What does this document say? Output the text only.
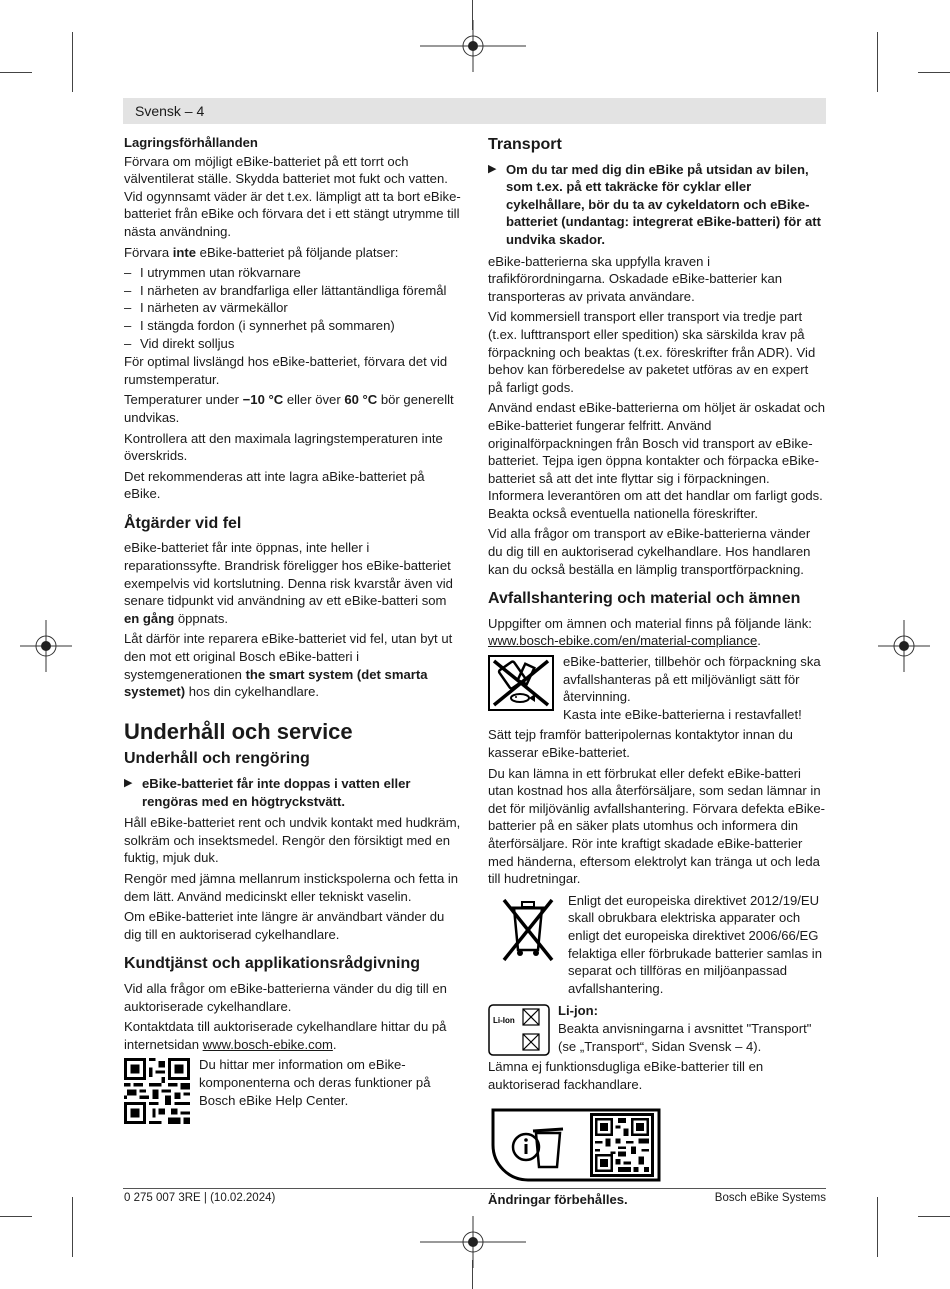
Svensk – 4

Lagringsförhållanden

Förvara om möjligt eBike-batteriet på ett torrt och välventilerat ställe. Skydda batteriet mot fukt och vatten. Vid ogynnsamt väder är det t.ex. lämpligt att ta bort eBike-batteriet från eBike och förvara det i ett stängt utrymme till nästa användning.

Förvara inte eBike-batteriet på följande platser:

– I utrymmen utan rökvarnare
– I närheten av brandfarliga eller lättantändliga föremål
– I närheten av värmekällor
– I stängda fordon (i synnerhet på sommaren)
– Vid direkt solljus

För optimal livslängd hos eBike-batteriet, förvara det vid rumstemperatur.

Temperaturer under −10 °C eller över 60 °C bör generellt undvikas.

Kontrollera att den maximala lagringstemperaturen inte överskrids.

Det rekommenderas att inte lagra aBike-batteriet på eBike.

Åtgärder vid fel

eBike-batteriet får inte öppnas, inte heller i reparationssyfte. Brandrisk föreligger hos eBike-batteriet exempelvis vid kortslutning. Denna risk kvarstår även vid senare tidpunkt vid användning av ett eBike-batteri som en gång öppnats.

Låt därför inte reparera eBike-batteriet vid fel, utan byt ut den mot ett original Bosch eBike-batteri i systemgenerationen the smart system (det smarta systemet) hos din cykelhandlare.

Underhåll och service
Underhåll och rengöring

▶ eBike-batteriet får inte doppas i vatten eller rengöras med en högtryckstvätt.

Håll eBike-batteriet rent och undvik kontakt med hudkräm, solkräm och insektsmedel. Rengör den försiktigt med en fuktig, mjuk duk.

Rengör med jämna mellanrum instickspolerna och fetta in dem lätt. Använd medicinskt eller tekniskt vaselin.

Om eBike-batteriet inte längre är användbart vänder du dig till en auktoriserad cykelhandlare.

Kundtjänst och applikationsrådgivning

Vid alla frågor om eBike-batterierna vänder du dig till en auktoriserade cykelhandlare.

Kontaktdata till auktoriserade cykelhandlare hittar du på internetsidan www.bosch-ebike.com.

Du hittar mer information om eBike-komponenterna och deras funktioner på Bosch eBike Help Center.

Transport

▶ Om du tar med dig din eBike på utsidan av bilen, som t.ex. på ett takräcke för cyklar eller cykelhållare, bör du ta av cykeldatorn och eBike-batteriet (undantag: integrerat eBike-batteri) för att undvika skador.

eBike-batterierna ska uppfylla kraven i trafikförordningarna. Oskadade eBike-batterier kan transporteras av privata användare.

Vid kommersiell transport eller transport via tredje part (t.ex. lufttransport eller spedition) ska särskilda krav på förpackning och beaktas (t.ex. föreskrifter från ADR). Vid behov kan förberedelse av paketet utföras av en expert på farligt gods.

Använd endast eBike-batterierna om höljet är oskadat och eBike-batteriet fungerar felfritt. Använd originalförpackningen från Bosch vid transport av eBike-batteriet. Tejpa igen öppna kontakter och förpacka eBike-batteriet så att det inte flyttar sig i förpackningen. Informera leverantören om att det handlar om farligt gods. Beakta också eventuella nationella föreskrifter.

Vid alla frågor om transport av eBike-batterierna vänder du dig till en auktoriserad cykelhandlare. Hos handlaren kan du också beställa en lämplig transportförpackning.

Avfallshantering och material och ämnen

Uppgifter om ämnen och material finns på följande länk:

www.bosch-ebike.com/en/material-compliance.

eBike-batterier, tillbehör och förpackning ska avfallshanteras på ett miljövänligt sätt för återvinning.

Kasta inte eBike-batterierna i restavfallet!

Sätt tejp framför batteripolernas kontaktytor innan du kasserar eBike-batteriet.

Du kan lämna in ett förbrukat eller defekt eBike-batteri utan kostnad hos alla återförsäljare, som sedan lämnar in det för miljövänlig avfallshantering. Förvara defekta eBike-batterier på en säker plats utomhus och informera din återförsäljare. Rör inte kraftigt skadade eBike-batterier med händerna, eftersom elektrolyt kan tränga ut och leda till hudretningar.

Enligt det europeiska direktivet 2012/19/EU skall obrukbara elektriska apparater och enligt det europeiska direktivet 2006/66/EG felaktiga eller förbrukade batterier samlas in separat och tillföras en miljöanpassad avfallshantering.

Li-Ion

Li-jon:

Beakta anvisningarna i avsnittet "Transport" (se „Transport“, Sidan Svensk – 4).

Lämna ej funktionsdugliga eBike-batterier till en auktoriserad fackhandlare.

Ändringar förbehålles.

0 275 007 3RE | (10.02.2024)	Bosch eBike Systems
